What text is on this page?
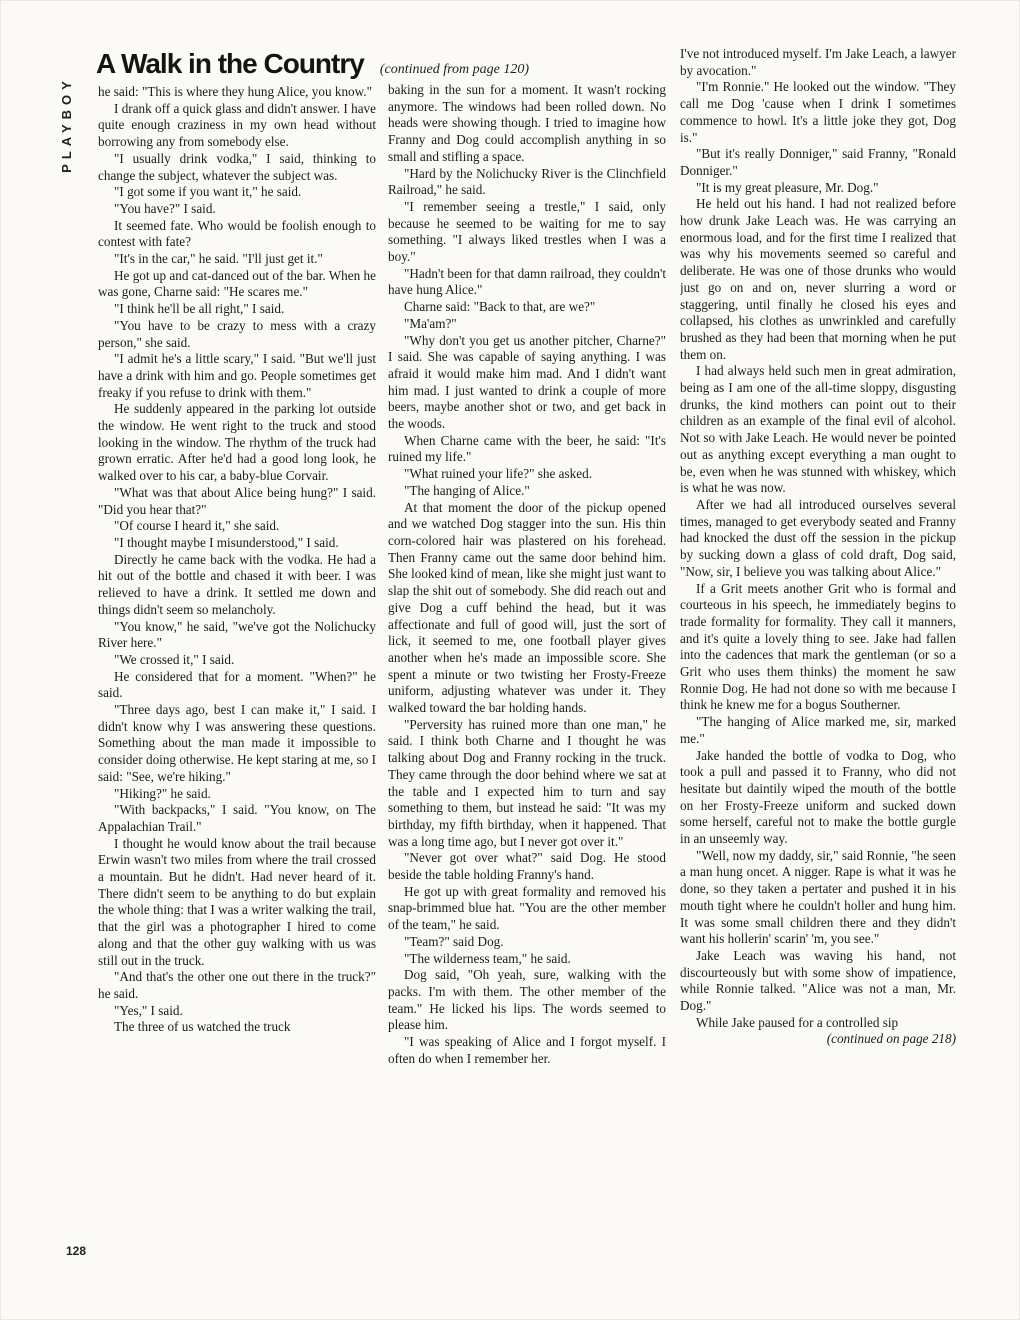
PLAYBOY
A Walk in the Country (continued from page 120)

he said: "This is where they hung Alice, you know."

I drank off a quick glass and didn't answer. I have quite enough craziness in my own head without borrowing any from somebody else.

"I usually drink vodka," I said, thinking to change the subject, whatever the subject was.

"I got some if you want it," he said.

"You have?" I said.

It seemed fate. Who would be foolish enough to contest with fate?

"It's in the car," he said. "I'll just get it."

He got up and cat-danced out of the bar. When he was gone, Charne said: "He scares me."

"I think he'll be all right," I said.

"You have to be crazy to mess with a crazy person," she said.

"I admit he's a little scary," I said. "But we'll just have a drink with him and go. People sometimes get freaky if you refuse to drink with them."

He suddenly appeared in the parking lot outside the window. He went right to the truck and stood looking in the window. The rhythm of the truck had grown erratic. After he'd had a good long look, he walked over to his car, a baby-blue Corvair.

"What was that about Alice being hung?" I said. "Did you hear that?"

"Of course I heard it," she said.

"I thought maybe I misunderstood," I said.

Directly he came back with the vodka. He had a hit out of the bottle and chased it with beer. I was relieved to have a drink. It settled me down and things didn't seem so melancholy.

"You know," he said, "we've got the Nolichucky River here."

"We crossed it," I said.

He considered that for a moment. "When?" he said.

"Three days ago, best I can make it," I said. I didn't know why I was answering these questions. Something about the man made it impossible to consider doing otherwise. He kept staring at me, so I said: "See, we're hiking."

"Hiking?" he said.

"With backpacks," I said. "You know, on The Appalachian Trail."

I thought he would know about the trail because Erwin wasn't two miles from where the trail crossed a mountain. But he didn't. Had never heard of it. There didn't seem to be anything to do but explain the whole thing: that I was a writer walking the trail, that the girl was a photographer I hired to come along and that the other guy walking with us was still out in the truck.

"And that's the other one out there in the truck?" he said.

"Yes," I said.

The three of us watched the truck

baking in the sun for a moment. It wasn't rocking anymore. The windows had been rolled down. No heads were showing though. I tried to imagine how Franny and Dog could accomplish anything in so small and stifling a space.

"Hard by the Nolichucky River is the Clinchfield Railroad," he said.

"I remember seeing a trestle," I said, only because he seemed to be waiting for me to say something. "I always liked trestles when I was a boy."

"Hadn't been for that damn railroad, they couldn't have hung Alice."

Charne said: "Back to that, are we?"

"Ma'am?"

"Why don't you get us another pitcher, Charne?" I said. She was capable of saying anything. I was afraid it would make him mad. And I didn't want him mad. I just wanted to drink a couple of more beers, maybe another shot or two, and get back in the woods.

When Charne came with the beer, he said: "It's ruined my life."

"What ruined your life?" she asked.

"The hanging of Alice."

At that moment the door of the pickup opened and we watched Dog stagger into the sun. His thin corn-colored hair was plastered on his forehead. Then Franny came out the same door behind him. She looked kind of mean, like she might just want to slap the shit out of somebody. She did reach out and give Dog a cuff behind the head, but it was affectionate and full of good will, just the sort of lick, it seemed to me, one football player gives another when he's made an impossible score. She spent a minute or two twisting her Frosty-Freeze uniform, adjusting whatever was under it. They walked toward the bar holding hands.

"Perversity has ruined more than one man," he said. I think both Charne and I thought he was talking about Dog and Franny rocking in the truck. They came through the door behind where we sat at the table and I expected him to turn and say something to them, but instead he said: "It was my birthday, my fifth birthday, when it happened. That was a long time ago, but I never got over it."

"Never got over what?" said Dog. He stood beside the table holding Franny's hand.

He got up with great formality and removed his snap-brimmed blue hat. "You are the other member of the team," he said.

"Team?" said Dog.

"The wilderness team," he said.

Dog said, "Oh yeah, sure, walking with the packs. I'm with them. The other member of the team." He licked his lips. The words seemed to please him.

"I was speaking of Alice and I forgot myself. I often do when I remember her.

I've not introduced myself. I'm Jake Leach, a lawyer by avocation."

"I'm Ronnie." He looked out the window. "They call me Dog 'cause when I drink I sometimes commence to howl. It's a little joke they got, Dog is."

"But it's really Donniger," said Franny, "Ronald Donniger."

"It is my great pleasure, Mr. Dog."

He held out his hand. I had not realized before how drunk Jake Leach was. He was carrying an enormous load, and for the first time I realized that was why his movements seemed so careful and deliberate. He was one of those drunks who would just go on and on, never slurring a word or staggering, until finally he closed his eyes and collapsed, his clothes as unwrinkled and carefully brushed as they had been that morning when he put them on.

I had always held such men in great admiration, being as I am one of the all-time sloppy, disgusting drunks, the kind mothers can point out to their children as an example of the final evil of alcohol. Not so with Jake Leach. He would never be pointed out as anything except everything a man ought to be, even when he was stunned with whiskey, which is what he was now.

After we had all introduced ourselves several times, managed to get everybody seated and Franny had knocked the dust off the session in the pickup by sucking down a glass of cold draft, Dog said, "Now, sir, I believe you was talking about Alice."

If a Grit meets another Grit who is formal and courteous in his speech, he immediately begins to trade formality for formality. They call it manners, and it's quite a lovely thing to see. Jake had fallen into the cadences that mark the gentleman (or so a Grit who uses them thinks) the moment he saw Ronnie Dog. He had not done so with me because I think he knew me for a bogus Southerner.

"The hanging of Alice marked me, sir, marked me."

Jake handed the bottle of vodka to Dog, who took a pull and passed it to Franny, who did not hesitate but daintily wiped the mouth of the bottle on her Frosty-Freeze uniform and sucked down some herself, careful not to make the bottle gurgle in an unseemly way.

"Well, now my daddy, sir," said Ronnie, "he seen a man hung oncet. A nigger. Rape is what it was he done, so they taken a pertater and pushed it in his mouth tight where he couldn't holler and hung him. It was some small children there and they didn't want his hollerin' scarin' 'm, you see."

Jake Leach was waving his hand, not discourteously but with some show of impatience, while Ronnie talked. "Alice was not a man, Mr. Dog."

While Jake paused for a controlled sip

(continued on page 218)

128
